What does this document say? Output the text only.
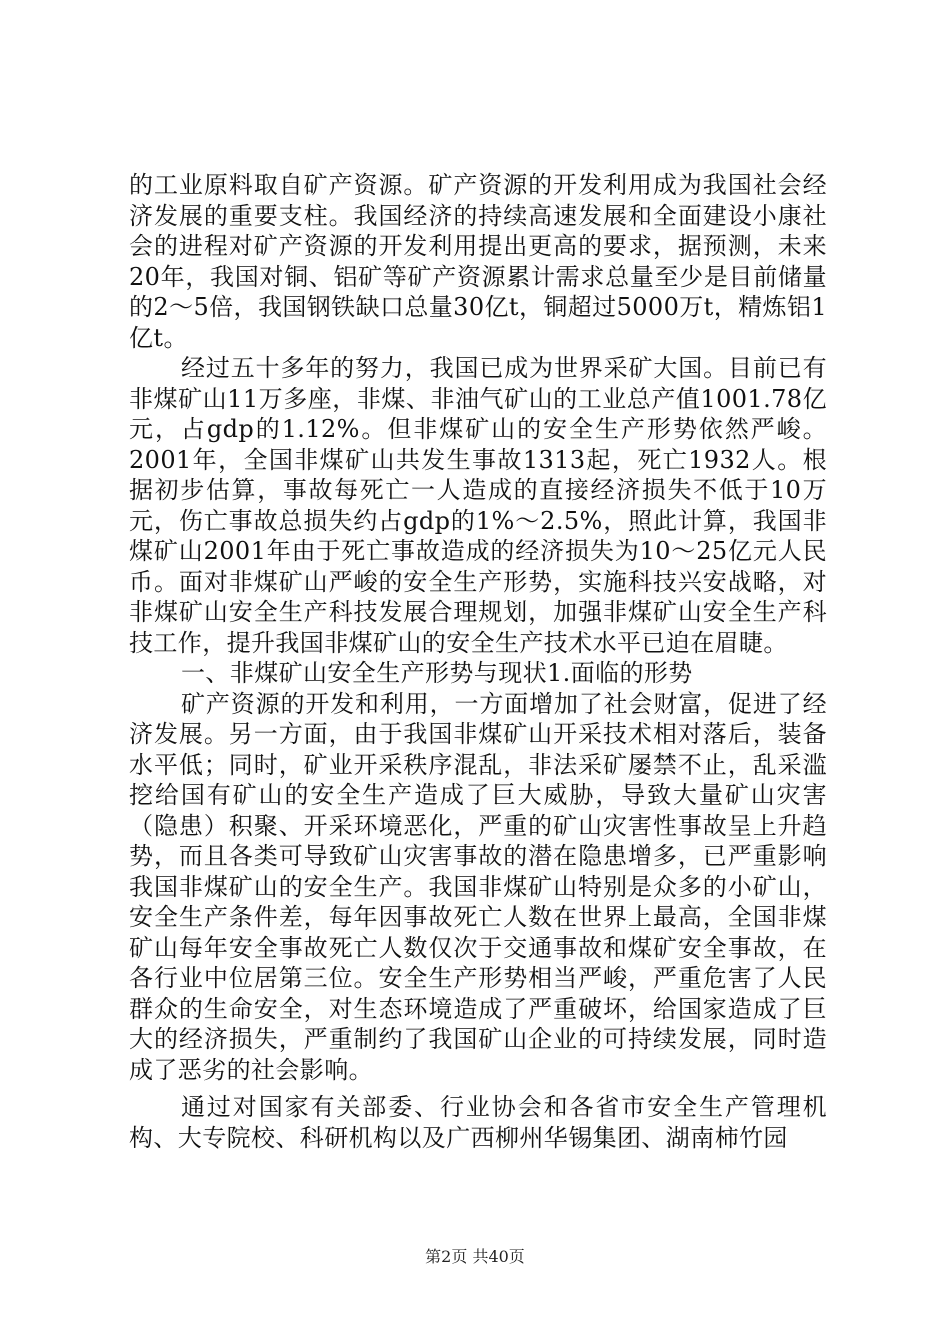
的工业原料取自矿产资源。矿产资源的开发利用成为我国社会经济发展的重要支柱。我国经济的持续高速发展和全面建设小康社会的进程对矿产资源的开发利用提出更高的要求，据预测，未来20年，我国对铜、铝矿等矿产资源累计需求总量至少是目前储量的2～5倍，我国钢铁缺口总量30亿t，铜超过5000万t，精炼铝1亿t。

经过五十多年的努力，我国已成为世界采矿大国。目前已有非煤矿山11万多座，非煤、非油气矿山的工业总产值1001.78亿元，占gdp的1.12%。但非煤矿山的安全生产形势依然严峻。2001年，全国非煤矿山共发生事故1313起，死亡1932人。根据初步估算，事故每死亡一人造成的直接经济损失不低于10万元，伤亡事故总损失约占gdp的1%～2.5%，照此计算，我国非煤矿山2001年由于死亡事故造成的经济损失为10～25亿元人民币。面对非煤矿山严峻的安全生产形势，实施科技兴安战略，对非煤矿山安全生产科技发展合理规划，加强非煤矿山安全生产科技工作，提升我国非煤矿山的安全生产技术水平已迫在眉睫。

一、非煤矿山安全生产形势与现状1.面临的形势

矿产资源的开发和利用，一方面增加了社会财富，促进了经济发展。另一方面，由于我国非煤矿山开采技术相对落后，装备水平低；同时，矿业开采秩序混乱，非法采矿屡禁不止，乱采滥挖给国有矿山的安全生产造成了巨大威胁，导致大量矿山灾害（隐患）积聚、开采环境恶化，严重的矿山灾害性事故呈上升趋势，而且各类可导致矿山灾害事故的潜在隐患增多，已严重影响我国非煤矿山的安全生产。我国非煤矿山特别是众多的小矿山，安全生产条件差，每年因事故死亡人数在世界上最高，全国非煤矿山每年安全事故死亡人数仅次于交通事故和煤矿安全事故，在各行业中位居第三位。安全生产形势相当严峻，严重危害了人民群众的生命安全，对生态环境造成了严重破坏，给国家造成了巨大的经济损失，严重制约了我国矿山企业的可持续发展，同时造成了恶劣的社会影响。

通过对国家有关部委、行业协会和各省市安全生产管理机构、大专院校、科研机构以及广西柳州华锡集团、湖南柿竹园

第2页 共40页
